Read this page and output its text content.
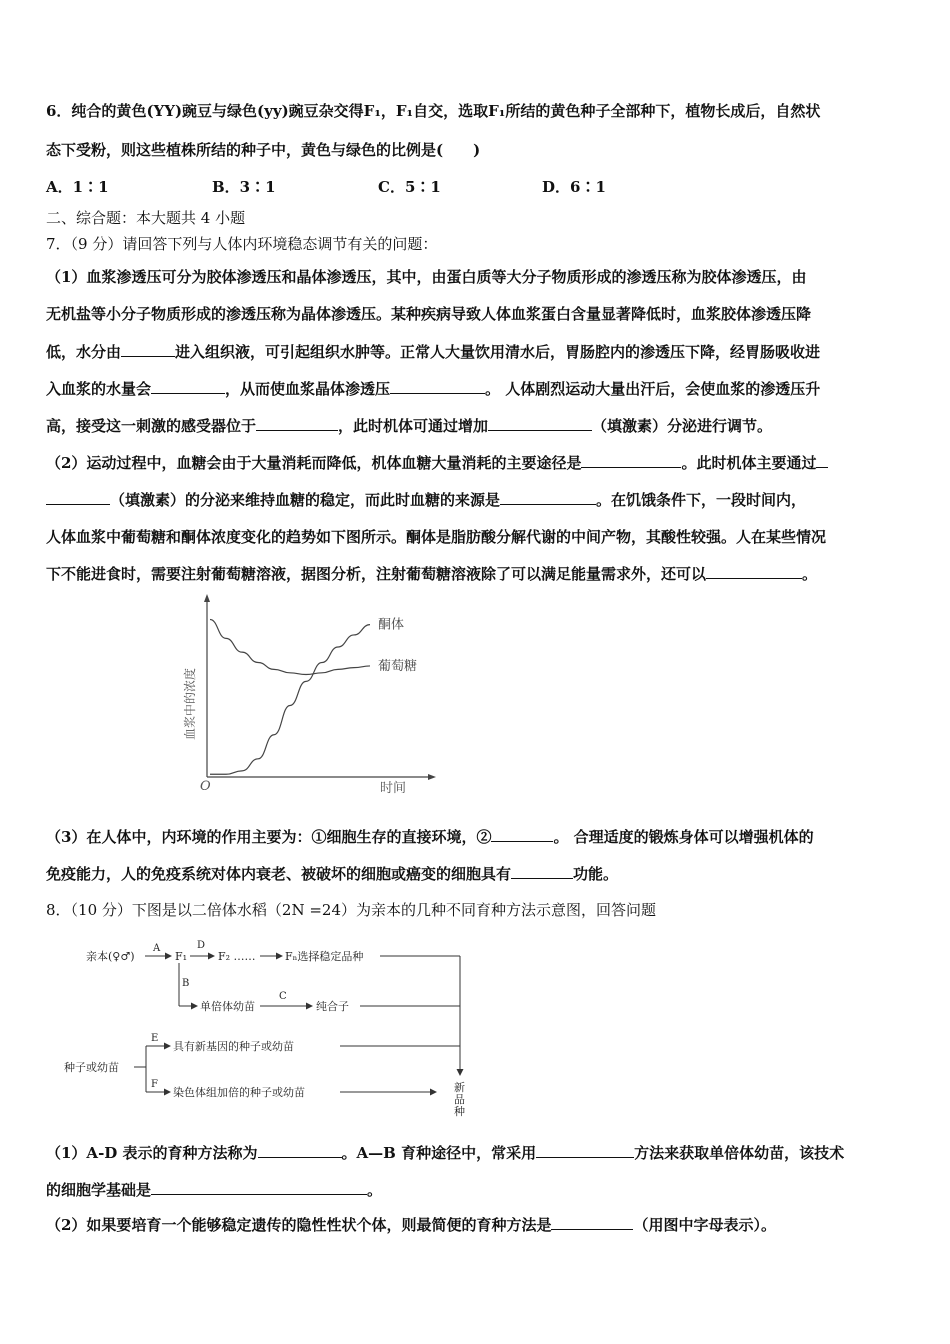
6．纯合的黄色(YY)豌豆与绿色(yy)豌豆杂交得F₁，F₁自交，选取F₁所结的黄色种子全部种下，植物长成后，自然状
态下受粉，则这些植株所结的种子中，黄色与绿色的比例是(　　)
A．1∶1	B．3∶1	C．5∶1	D．6∶1
二、综合题：本大题共 4 小题
7．（9 分）请回答下列与人体内环境稳态调节有关的问题：
（1）血浆渗透压可分为胶体渗透压和晶体渗透压，其中，由蛋白质等大分子物质形成的渗透压称为胶体渗透压，由
无机盐等小分子物质形成的渗透压称为晶体渗透压。某种疾病导致人体血浆蛋白含量显著降低时，血浆胶体渗透压降
低，水分由	进入组织液，可引起组织水肿等。正常人大量饮用清水后，胃肠腔内的渗透压下降，经胃肠吸收进
入血浆的水量会	，从而使血浆晶体渗透压	。 人体剧烈运动大量出汗后，会使血浆的渗透压升
高，接受这一刺激的感受器位于	，此时机体可通过增加	（填激素）分泌进行调节。
（2）运动过程中，血糖会由于大量消耗而降低，机体血糖大量消耗的主要途径是	。此时机体主要通过
（填激素）的分泌来维持血糖的稳定，而此时血糖的来源是	。在饥饿条件下，一段时间内，
人体血浆中葡萄糖和酮体浓度变化的趋势如下图所示。酮体是脂肪酸分解代谢的中间产物，其酸性较强。人在某些情况
下不能进食时，需要注射葡萄糖溶液，据图分析，注射葡萄糖溶液除了可以满足能量需求外，还可以	。
O	时间
血浆中的浓度
酮体
葡萄糖
（3）在人体中，内环境的作用主要为：①细胞生存的直接环境，②	。 合理适度的锻炼身体可以增强机体的
免疫能力，人的免疫系统对体内衰老、被破坏的细胞或癌变的细胞具有	功能。
8．（10 分）下图是以二倍体水稻（2N =24）为亲本的几种不同育种方法示意图，回答问题
亲本(♀♂)
A
F₁
D
F₂ ……	Fₙ选择稳定品种
B
单倍体幼苗
C
纯合子
种子或幼苗
E
具有新基因的种子或幼苗
F
染色体组加倍的种子或幼苗	新
品
种
（1）A-D 表示的育种方法称为	。A—B 育种途径中，常采用	方法来获取单倍体幼苗，该技术
的细胞学基础是	。
（2）如果要培育一个能够稳定遗传的隐性性状个体，则最简便的育种方法是	（用图中字母表示）。
